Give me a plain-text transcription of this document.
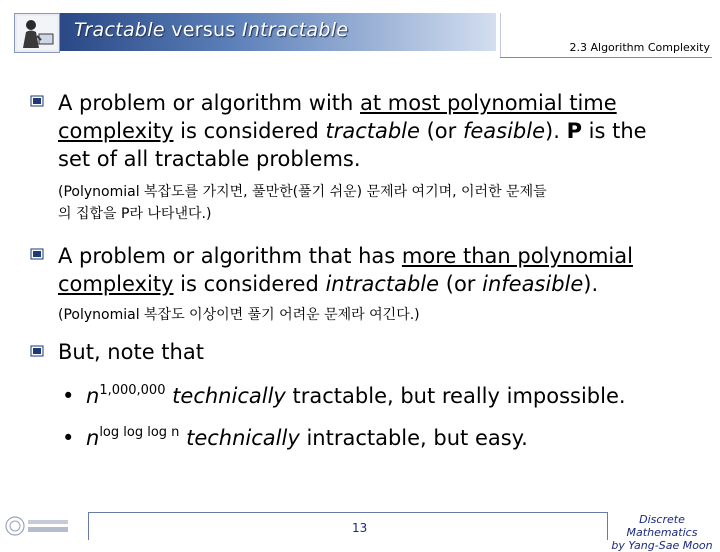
Tractable versus Intractable
2.3 Algorithm Complexity
A problem or algorithm with at most polynomial time
complexity is considered tractable (or feasible). P is the
set of all tractable problems.
(Polynomial 복잡도를 가지면, 풀만한(풀기 쉬운) 문제라 여기며, 이러한 문제들
의 집합을 P라 나타낸다.)
A problem or algorithm that has more than polynomial
complexity is considered intractable (or infeasible).
(Polynomial 복잡도 이상이면 풀기 어려운 문제라 여긴다.)
But, note that
• $n^{1,000,000}$ technically tractable, but really impossible.
• $n^{log log log n}$ technically intractable, but easy.
13
Discrete Mathematics
by Yang-Sae Moon
